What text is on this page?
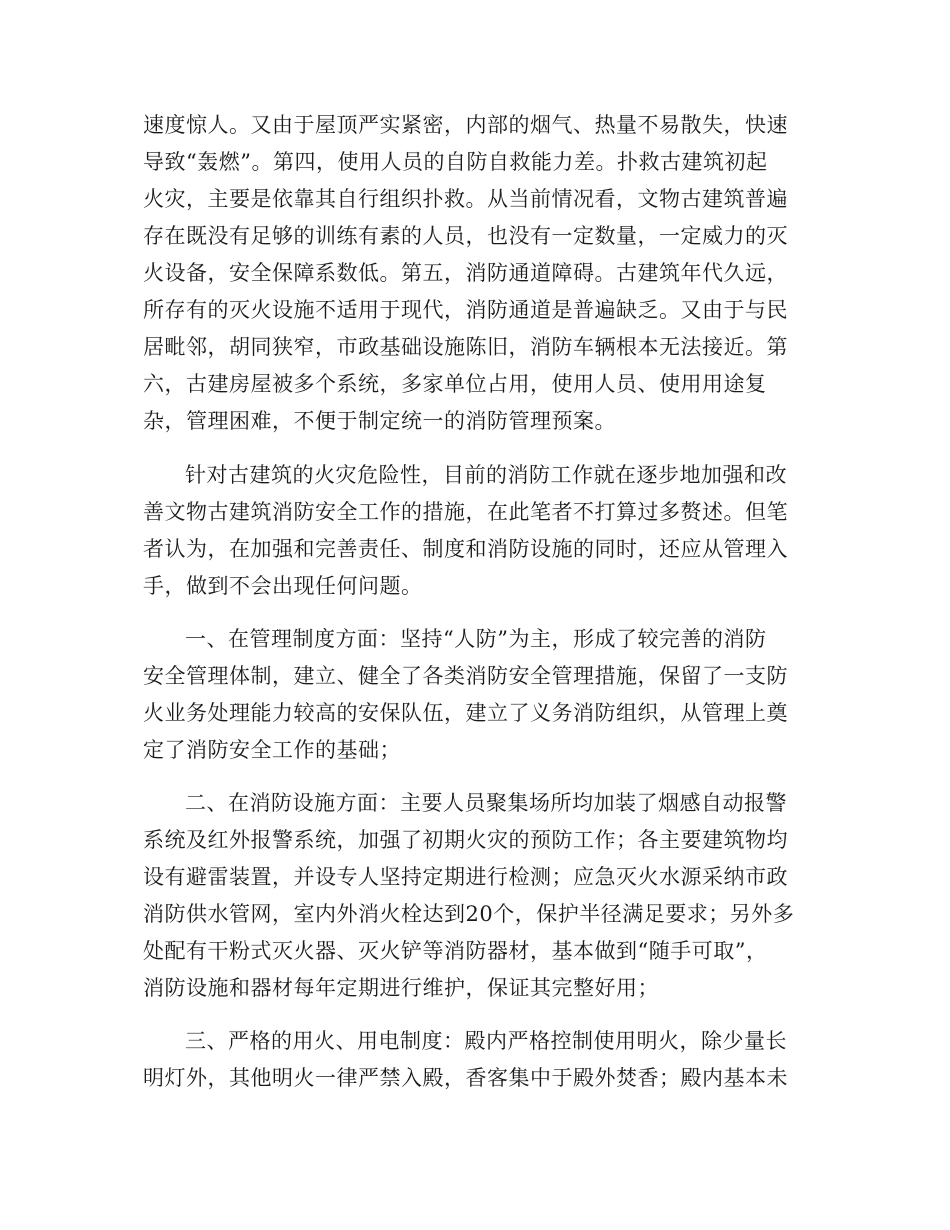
速度惊人。又由于屋顶严实紧密，内部的烟气、热量不易散失，快速
导致“轰燃”。第四，使用人员的自防自救能力差。扑救古建筑初起
火灾，主要是依靠其自行组织扑救。从当前情况看，文物古建筑普遍
存在既没有足够的训练有素的人员，也没有一定数量，一定威力的灭
火设备，安全保障系数低。第五，消防通道障碍。古建筑年代久远，
所存有的灭火设施不适用于现代，消防通道是普遍缺乏。又由于与民
居毗邻，胡同狭窄，市政基础设施陈旧，消防车辆根本无法接近。第
六，古建房屋被多个系统，多家单位占用，使用人员、使用用途复
杂，管理困难，不便于制定统一的消防管理预案。
针对古建筑的火灾危险性，目前的消防工作就在逐步地加强和改
善文物古建筑消防安全工作的措施，在此笔者不打算过多赘述。但笔
者认为，在加强和完善责任、制度和消防设施的同时，还应从管理入
手，做到不会出现任何问题。
一、在管理制度方面：坚持“人防”为主，形成了较完善的消防
安全管理体制，建立、健全了各类消防安全管理措施，保留了一支防
火业务处理能力较高的安保队伍，建立了义务消防组织，从管理上奠
定了消防安全工作的基础；
二、在消防设施方面：主要人员聚集场所均加装了烟感自动报警
系统及红外报警系统，加强了初期火灾的预防工作；各主要建筑物均
设有避雷装置，并设专人坚持定期进行检测；应急灭火水源采纳市政
消防供水管网，室内外消火栓达到20个，保护半径满足要求；另外多
处配有干粉式灭火器、灭火铲等消防器材，基本做到“随手可取”，
消防设施和器材每年定期进行维护，保证其完整好用；
三、严格的用火、用电制度：殿内严格控制使用明火，除少量长
明灯外，其他明火一律严禁入殿，香客集中于殿外焚香；殿内基本未
